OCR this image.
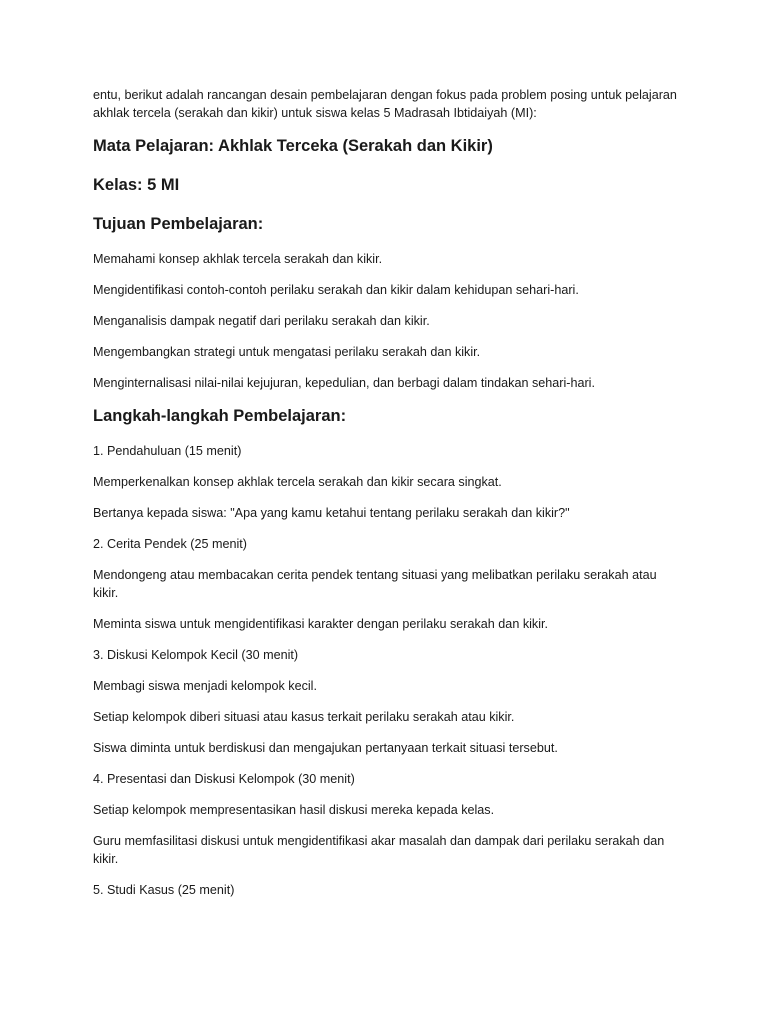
entu, berikut adalah rancangan desain pembelajaran dengan fokus pada problem posing untuk pelajaran akhlak tercela (serakah dan kikir) untuk siswa kelas 5 Madrasah Ibtidaiyah (MI):

Mata Pelajaran: Akhlak Terceka (Serakah dan Kikir)
Kelas: 5 MI
Tujuan Pembelajaran:

Memahami konsep akhlak tercela serakah dan kikir.

Mengidentifikasi contoh-contoh perilaku serakah dan kikir dalam kehidupan sehari-hari.

Menganalisis dampak negatif dari perilaku serakah dan kikir.

Mengembangkan strategi untuk mengatasi perilaku serakah dan kikir.

Menginternalisasi nilai-nilai kejujuran, kepedulian, dan berbagi dalam tindakan sehari-hari.

Langkah-langkah Pembelajaran:

1. Pendahuluan (15 menit)

Memperkenalkan konsep akhlak tercela serakah dan kikir secara singkat.

Bertanya kepada siswa: "Apa yang kamu ketahui tentang perilaku serakah dan kikir?"

2. Cerita Pendek (25 menit)

Mendongeng atau membacakan cerita pendek tentang situasi yang melibatkan perilaku serakah atau kikir.

Meminta siswa untuk mengidentifikasi karakter dengan perilaku serakah dan kikir.

3. Diskusi Kelompok Kecil (30 menit)

Membagi siswa menjadi kelompok kecil.

Setiap kelompok diberi situasi atau kasus terkait perilaku serakah atau kikir.

Siswa diminta untuk berdiskusi dan mengajukan pertanyaan terkait situasi tersebut.

4. Presentasi dan Diskusi Kelompok (30 menit)

Setiap kelompok mempresentasikan hasil diskusi mereka kepada kelas.

Guru memfasilitasi diskusi untuk mengidentifikasi akar masalah dan dampak dari perilaku serakah dan kikir.

5. Studi Kasus (25 menit)
